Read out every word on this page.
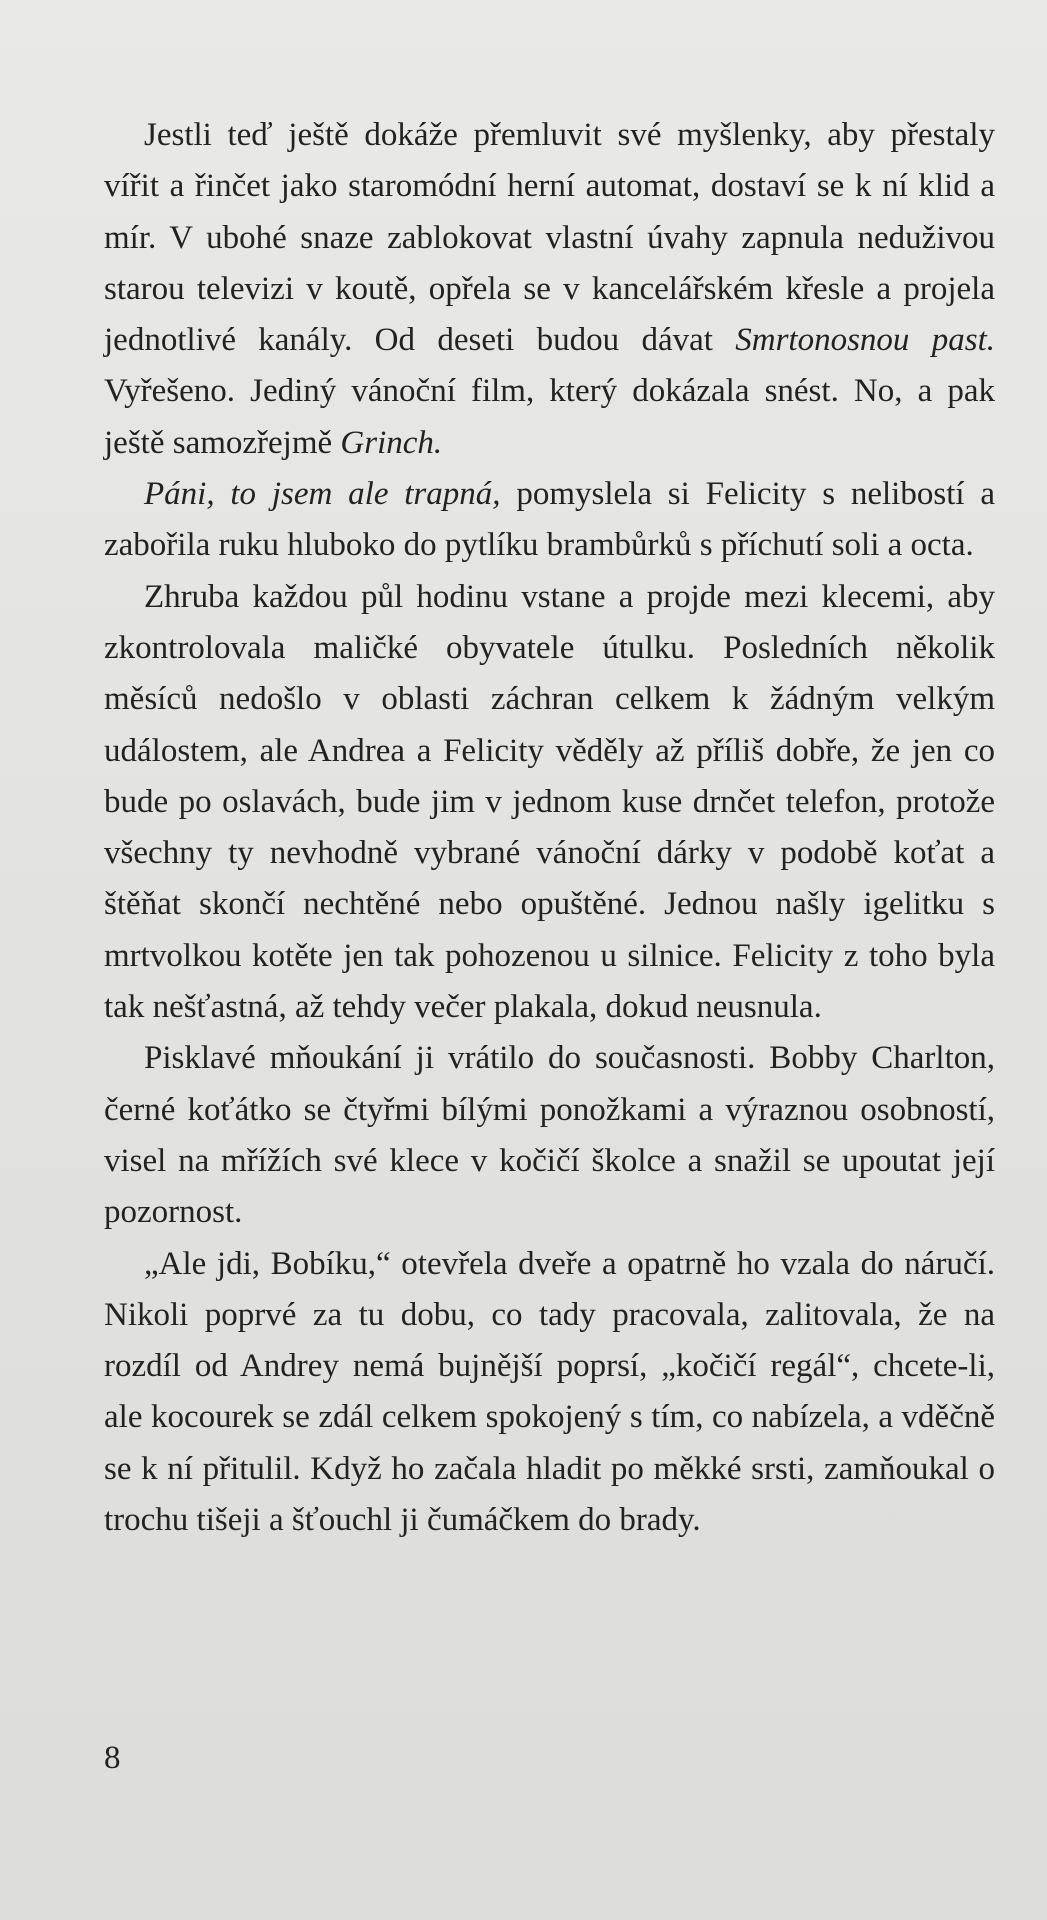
Jestli teď ještě dokáže přemluvit své myšlenky, aby přestaly vířit a řinčet jako staromódní herní automat, dostaví se k ní klid a mír. V ubohé snaze zablokovat vlastní úvahy zapnula neduživou starou televizi v koutě, opřela se v kancelářském křesle a projela jednotlivé kanály. Od deseti budou dávat Smrtonosnou past. Vyřešeno. Jediný vánoční film, který dokázala snést. No, a pak ještě samozřejmě Grinch.

Páni, to jsem ale trapná, pomyslela si Felicity s nelibostí a zabořila ruku hluboko do pytlíku brambůrků s příchutí soli a octa.

Zhruba každou půl hodinu vstane a projde mezi klecemi, aby zkontrolovala maličké obyvatele útulku. Posledních několik měsíců nedošlo v oblasti záchran celkem k žádným velkým událostem, ale Andrea a Felicity věděly až příliš dobře, že jen co bude po oslavách, bude jim v jednom kuse drnčet telefon, protože všechny ty nevhodně vybrané vánoční dárky v podobě koťat a štěňat skončí nechtěné nebo opuštěné. Jednou našly igelitku s mrtvolkou kotěte jen tak pohozenou u silnice. Felicity z toho byla tak nešťastná, až tehdy večer plakala, dokud neusnula.

Pisklavé mňoukání ji vrátilo do současnosti. Bobby Charlton, černé koťátko se čtyřmi bílými ponožkami a výraznou osobností, visel na mřížích své klece v kočičí školce a snažil se upoutat její pozornost.

„Ale jdi, Bobíku,“ otevřela dveře a opatrně ho vzala do náručí. Nikoli poprvé za tu dobu, co tady pracovala, zalitovala, že na rozdíl od Andrey nemá bujnější poprsí, „kočičí regál“, chcete-li, ale kocourek se zdál celkem spokojený s tím, co nabízela, a vděčně se k ní přitulil. Když ho začala hladit po měkké srsti, zamňoukal o trochu tišeji a šťouchl ji čumáčkem do brady.

8
